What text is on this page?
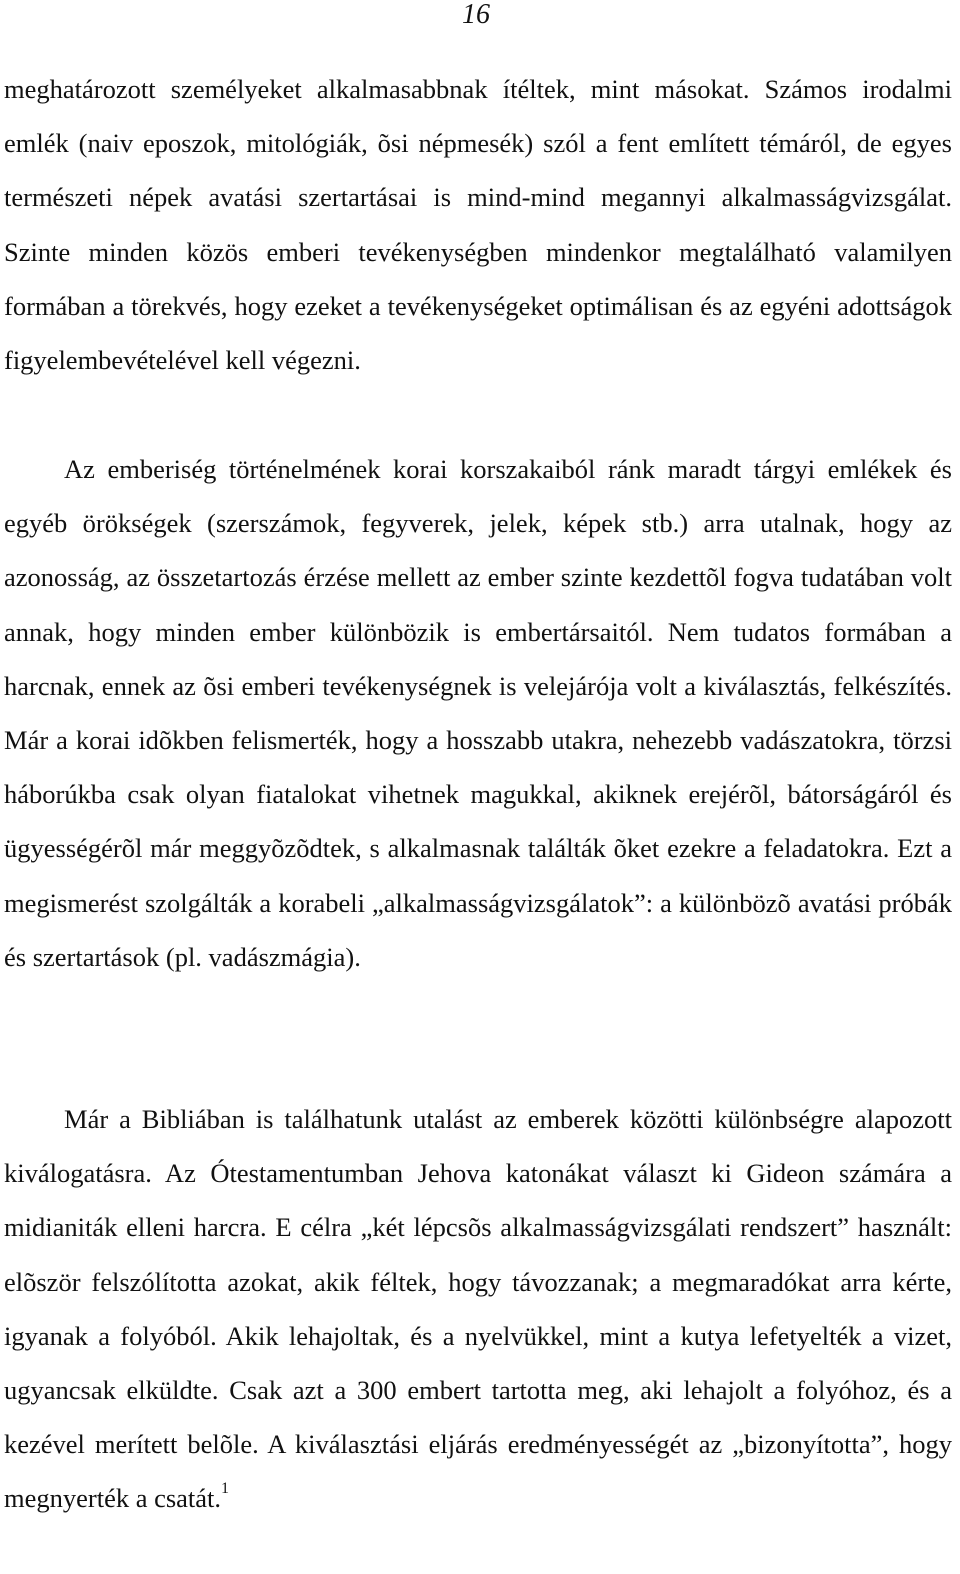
16

meghatározott személyeket alkalmasabbnak ítéltek, mint másokat. Számos irodalmi emlék (naiv eposzok, mitológiák, õsi népmesék) szól a fent említett témáról, de egyes természeti népek avatási szertartásai is mind-mind megannyi alkalmasságvizsgálat. Szinte minden közös emberi tevékenységben mindenkor megtalálható valamilyen formában a törekvés, hogy ezeket a tevékenységeket optimálisan és az egyéni adottságok figyelembevételével kell végezni.

Az emberiség történelmének korai korszakaiból ránk maradt tárgyi emlékek és egyéb örökségek (szerszámok, fegyverek, jelek, képek stb.) arra utalnak, hogy az azonosság, az összetartozás érzése mellett az ember szinte kezdettõl fogva tudatában volt annak, hogy minden ember különbözik is embertársaitól. Nem tudatos formában a harcnak, ennek az õsi emberi tevékenységnek is velejárója volt a kiválasztás, felkészítés. Már a korai idõkben felismerték, hogy a hosszabb utakra, nehezebb vadászatokra, törzsi háborúkba csak olyan fiatalokat vihetnek magukkal, akiknek erejérõl, bátorságáról és ügyességérõl már meggyõzõdtek, s alkalmasnak találták õket ezekre a feladatokra. Ezt a megismerést szolgálták a korabeli „alkalmasságvizsgálatok”: a különbözõ avatási próbák és szertartások (pl. vadászmágia).

Már a Bibliában is találhatunk utalást az emberek közötti különbségre alapozott kiválogatásra. Az Ótestamentumban Jehova katonákat választ ki Gideon számára a midianiták elleni harcra. E célra „két lépcsõs alkalmasságvizsgálati rendszert” használt: elõször felszólította azokat, akik féltek, hogy távozzanak; a megmaradókat arra kérte, igyanak a folyóból. Akik lehajoltak, és a nyelvükkel, mint a kutya lefetyelték a vizet, ugyancsak elküldte. Csak azt a 300 embert tartotta meg, aki lehajolt a folyóhoz, és a kezével merített belõle. A kiválasztási eljárás eredményességét az „bizonyította”, hogy megnyerték a csatát.$^1$
